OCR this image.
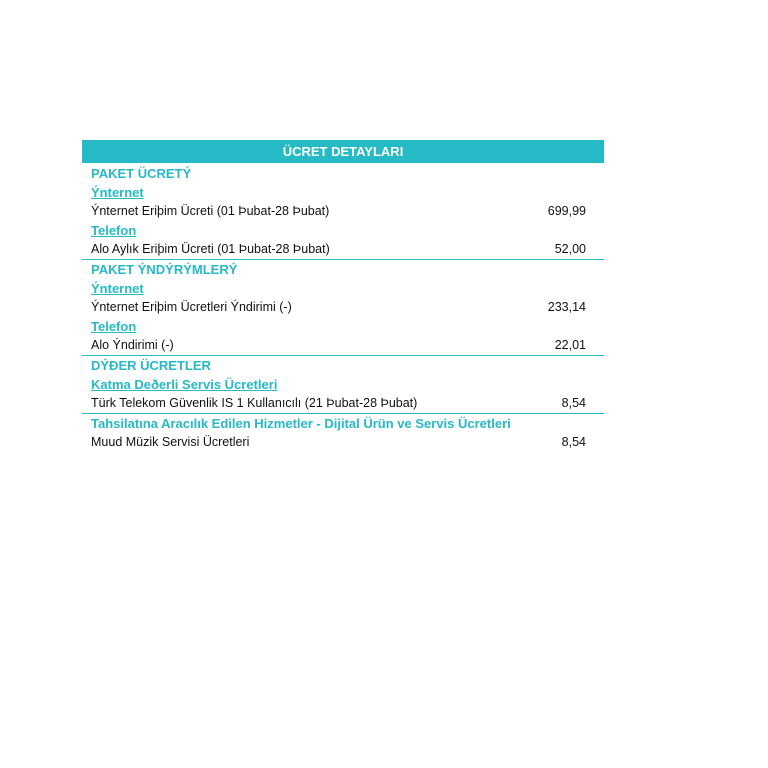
ÜCRET DETAYLARI
PAKET ÜCRETÝ
Ýnternet
Ýnternet Eriþim Ücreti (01 Þubat-28 Þubat)	699,99
Telefon
Alo Aylık Eriþim Ücreti (01 Þubat-28 Þubat)	52,00
PAKET ÝNDÝRÝMLERÝ
Ýnternet
Ýnternet Eriþim Ücretleri Ýndirimi (-)	233,14
Telefon
Alo Ýndirimi (-)	22,01
DÝÐER ÜCRETLER
Katma Deðerli Servis Ücretleri
Türk Telekom Güvenlik IS 1 Kullanıcılı (21 Þubat-28 Þubat)	8,54
Tahsilatına Aracılık Edilen Hizmetler - Dijital Ürün ve Servis Ücretleri
Muud Müzik Servisi Ücretleri	8,54
